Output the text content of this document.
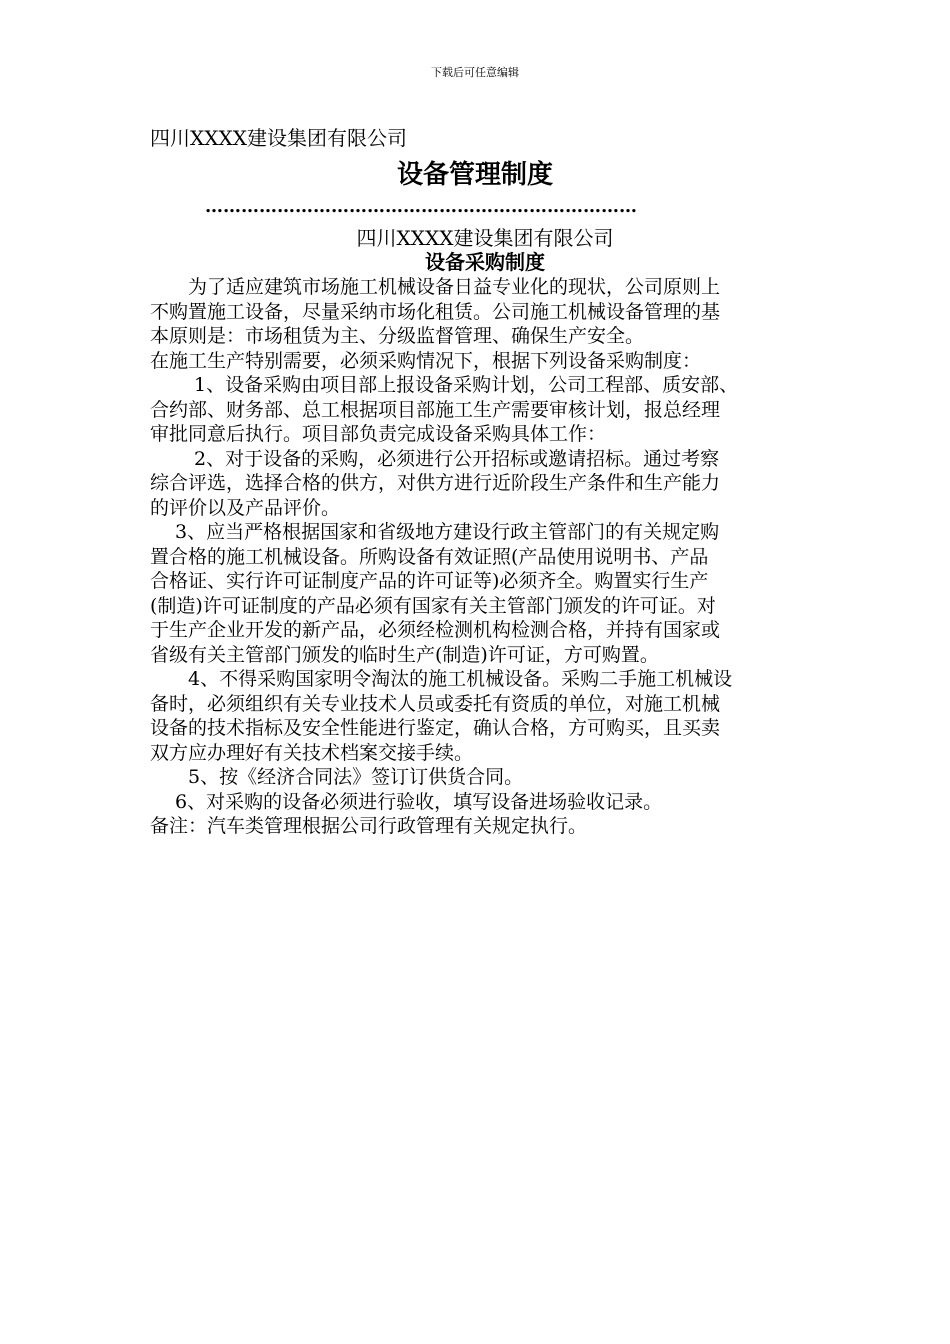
下载后可任意编辑
四川XXXX建设集团有限公司
设备管理制度
………………………………………………………………
四川XXXX建设集团有限公司
设备采购制度
　　为了适应建筑市场施工机械设备日益专业化的现状，公司原则上
不购置施工设备，尽量采纳市场化租赁。公司施工机械设备管理的基
本原则是：市场租赁为主、分级监督管理、确保生产安全。
在施工生产特别需要，必须采购情况下，根据下列设备采购制度：
　　 1、设备采购由项目部上报设备采购计划，公司工程部、质安部、
合约部、财务部、总工根据项目部施工生产需要审核计划，报总经理
审批同意后执行。项目部负责完成设备采购具体工作：
　　 2、对于设备的采购，必须进行公开招标或邀请招标。通过考察
综合评选，选择合格的供方，对供方进行近阶段生产条件和生产能力
的评价以及产品评价。
　 3、应当严格根据国家和省级地方建设行政主管部门的有关规定购
置合格的施工机械设备。所购设备有效证照(产品使用说明书、产品
合格证、实行许可证制度产品的许可证等)必须齐全。购置实行生产
(制造)许可证制度的产品必须有国家有关主管部门颁发的许可证。对
于生产企业开发的新产品，必须经检测机构检测合格，并持有国家或
省级有关主管部门颁发的临时生产(制造)许可证，方可购置。
　　4、不得采购国家明令淘汰的施工机械设备。采购二手施工机械设
备时，必须组织有关专业技术人员或委托有资质的单位，对施工机械
设备的技术指标及安全性能进行鉴定，确认合格，方可购买，且买卖
双方应办理好有关技术档案交接手续。
　　5、按《经济合同法》签订订供货合同。
　 6、对采购的设备必须进行验收，填写设备进场验收记录。
备注：汽车类管理根据公司行政管理有关规定执行。
